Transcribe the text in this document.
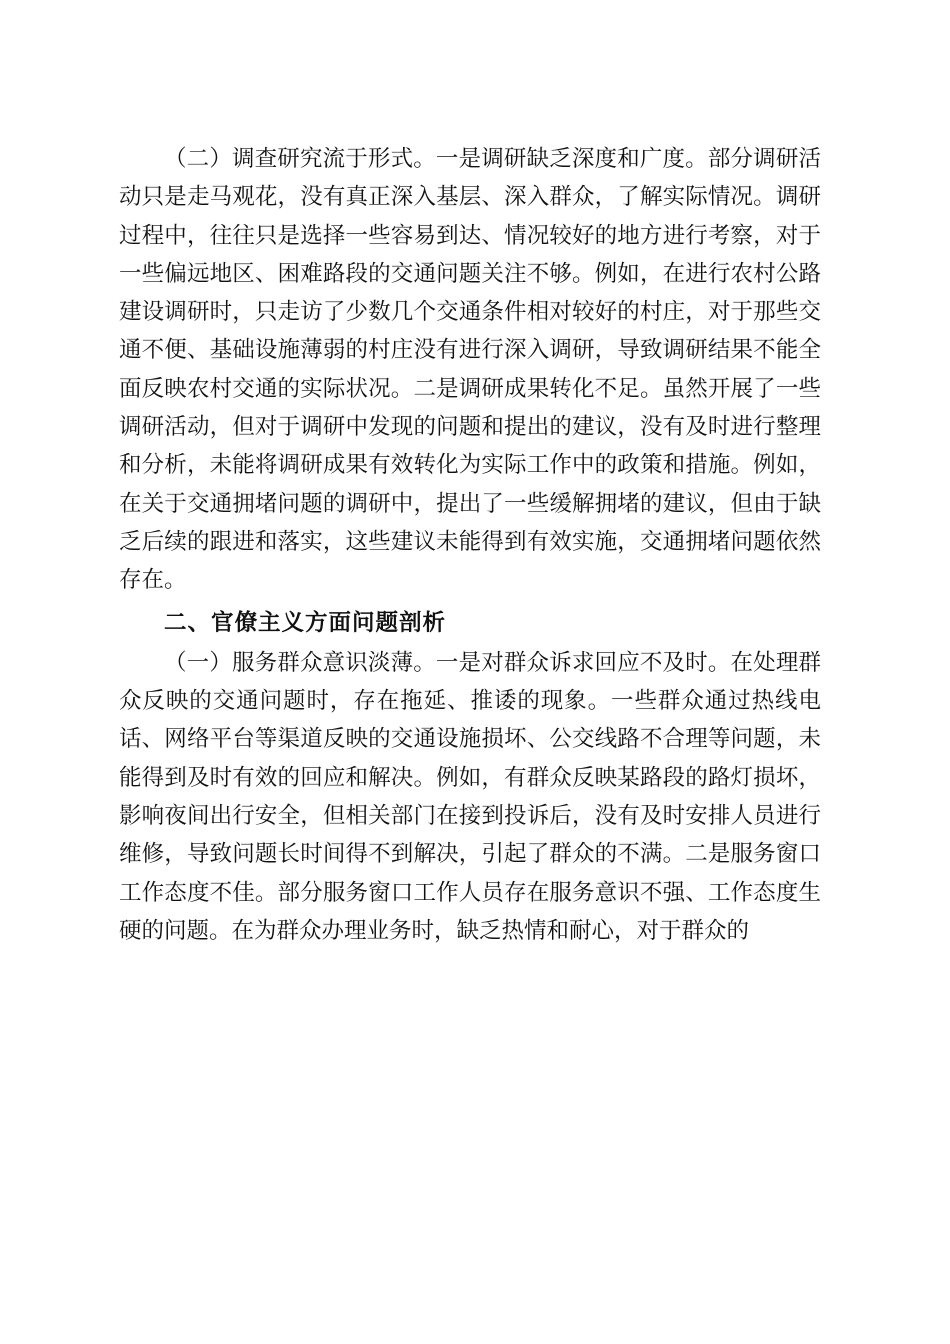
（二）调查研究流于形式。一是调研缺乏深度和广度。部分调研活动只是走马观花，没有真正深入基层、深入群众，了解实际情况。调研过程中，往往只是选择一些容易到达、情况较好的地方进行考察，对于一些偏远地区、困难路段的交通问题关注不够。例如，在进行农村公路建设调研时，只走访了少数几个交通条件相对较好的村庄，对于那些交通不便、基础设施薄弱的村庄没有进行深入调研，导致调研结果不能全面反映农村交通的实际状况。二是调研成果转化不足。虽然开展了一些调研活动，但对于调研中发现的问题和提出的建议，没有及时进行整理和分析，未能将调研成果有效转化为实际工作中的政策和措施。例如，在关于交通拥堵问题的调研中，提出了一些缓解拥堵的建议，但由于缺乏后续的跟进和落实，这些建议未能得到有效实施，交通拥堵问题依然存在。

二、官僚主义方面问题剖析

（一）服务群众意识淡薄。一是对群众诉求回应不及时。在处理群众反映的交通问题时，存在拖延、推诿的现象。一些群众通过热线电话、网络平台等渠道反映的交通设施损坏、公交线路不合理等问题，未能得到及时有效的回应和解决。例如，有群众反映某路段的路灯损坏，影响夜间出行安全，但相关部门在接到投诉后，没有及时安排人员进行维修，导致问题长时间得不到解决，引起了群众的不满。二是服务窗口工作态度不佳。部分服务窗口工作人员存在服务意识不强、工作态度生硬的问题。在为群众办理业务时，缺乏热情和耐心，对于群众的
